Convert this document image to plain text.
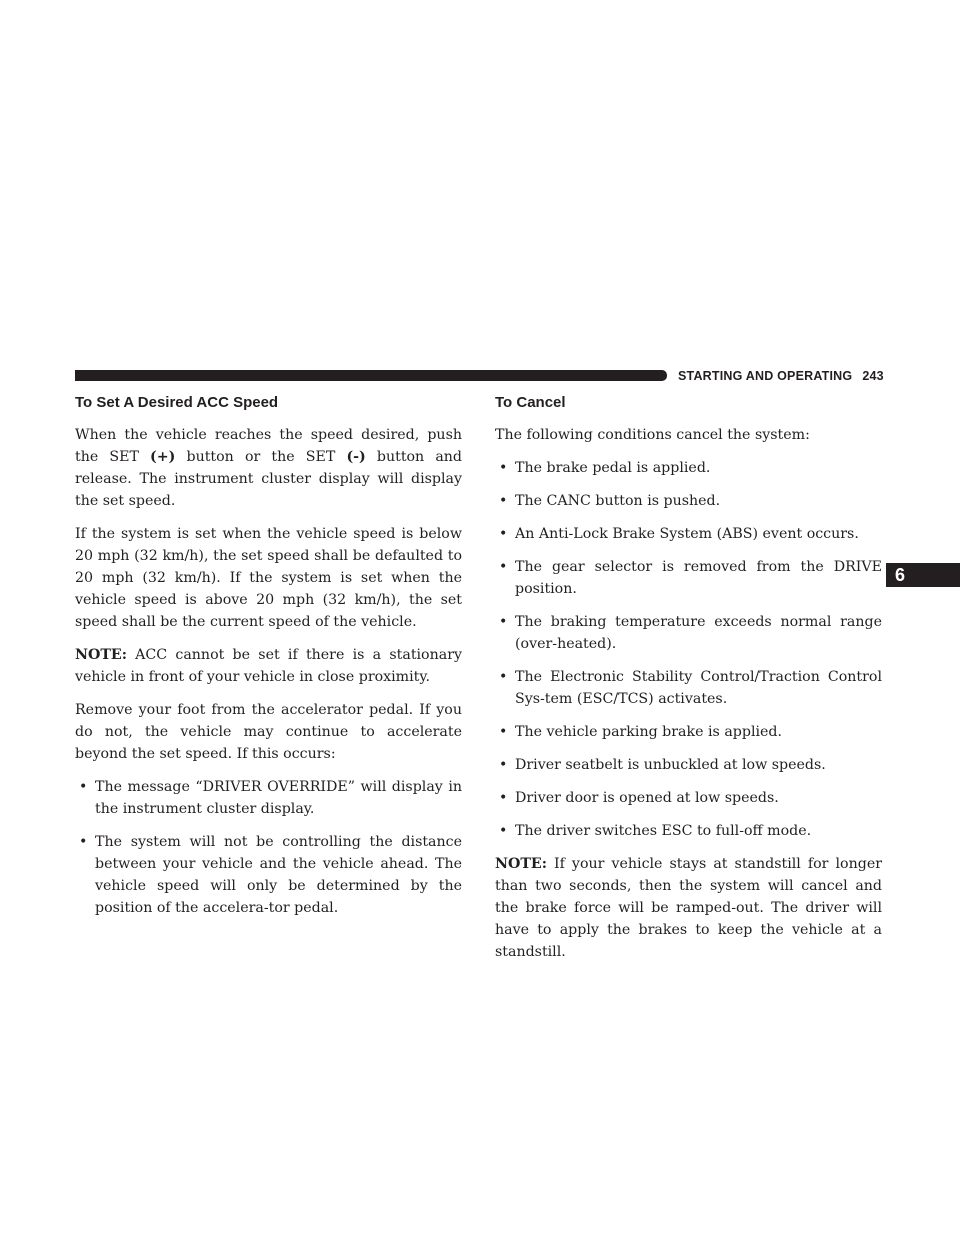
STARTING AND OPERATING 243
6
To Set A Desired ACC Speed

When the vehicle reaches the speed desired, push the SET (+) button or the SET (-) button and release. The instrument cluster display will display the set speed.

If the system is set when the vehicle speed is below 20 mph (32 km/h), the set speed shall be defaulted to 20 mph (32 km/h). If the system is set when the vehicle speed is above 20 mph (32 km/h), the set speed shall be the current speed of the vehicle.

NOTE: ACC cannot be set if there is a stationary vehicle in front of your vehicle in close proximity.

Remove your foot from the accelerator pedal. If you do not, the vehicle may continue to accelerate beyond the set speed. If this occurs:

• The message “DRIVER OVERRIDE” will display in the instrument cluster display.
• The system will not be controlling the distance between your vehicle and the vehicle ahead. The vehicle speed will only be determined by the position of the accelera-tor pedal.
To Cancel

The following conditions cancel the system:

• The brake pedal is applied.
• The CANC button is pushed.
• An Anti-Lock Brake System (ABS) event occurs.
• The gear selector is removed from the DRIVE position.
• The braking temperature exceeds normal range (over-heated).
• The Electronic Stability Control/Traction Control Sys-tem (ESC/TCS) activates.
• The vehicle parking brake is applied.
• Driver seatbelt is unbuckled at low speeds.
• Driver door is opened at low speeds.
• The driver switches ESC to full-off mode.

NOTE: If your vehicle stays at standstill for longer than two seconds, then the system will cancel and the brake force will be ramped-out. The driver will have to apply the brakes to keep the vehicle at a standstill.
